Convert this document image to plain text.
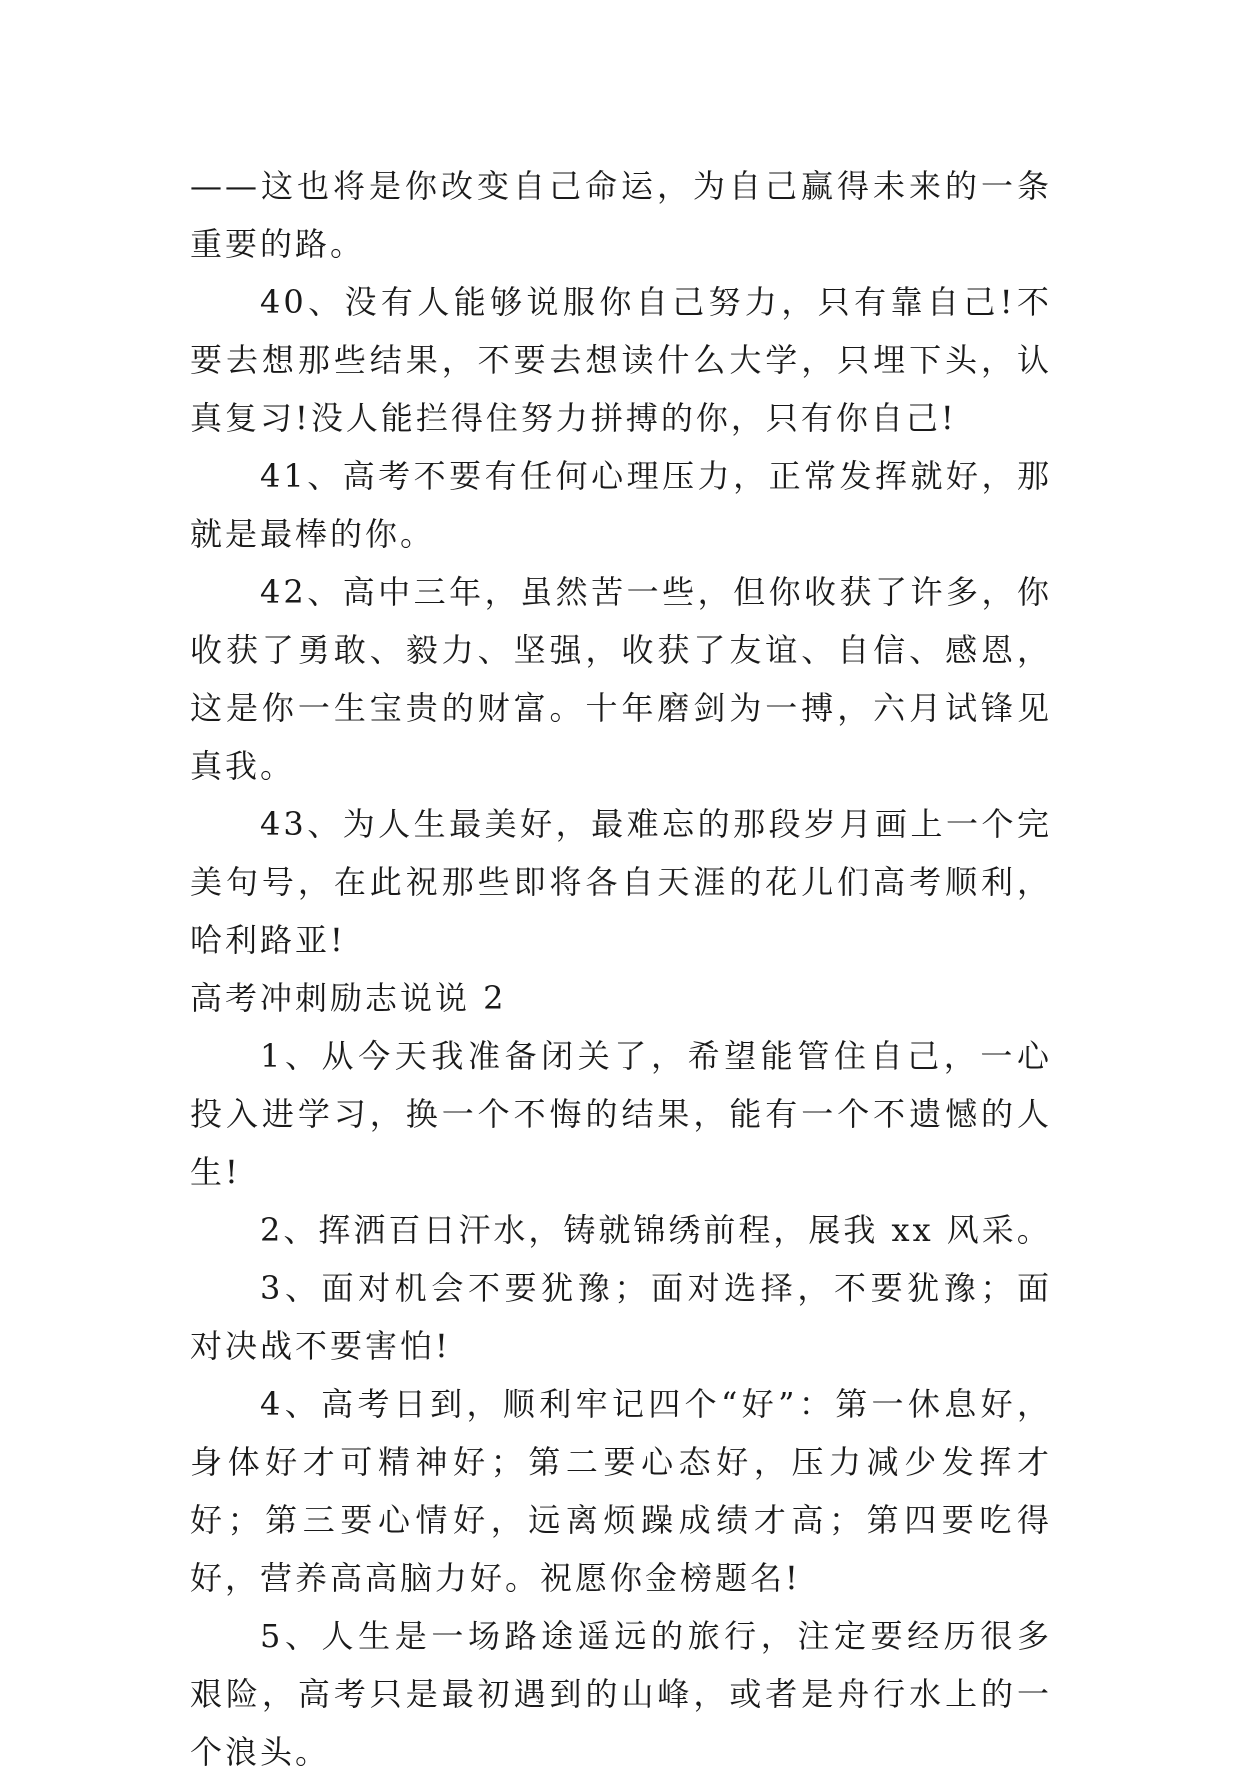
——这也将是你改变自己命运，为自己赢得未来的一条重要的路。

40、没有人能够说服你自己努力，只有靠自己!不要去想那些结果，不要去想读什么大学，只埋下头，认真复习!没人能拦得住努力拼搏的你，只有你自己!

41、高考不要有任何心理压力，正常发挥就好，那就是最棒的你。

42、高中三年，虽然苦一些，但你收获了许多，你收获了勇敢、毅力、坚强，收获了友谊、自信、感恩，这是你一生宝贵的财富。十年磨剑为一搏，六月试锋见真我。

43、为人生最美好，最难忘的那段岁月画上一个完美句号，在此祝那些即将各自天涯的花儿们高考顺利，哈利路亚!

高考冲刺励志说说 2

1、从今天我准备闭关了，希望能管住自己，一心投入进学习，换一个不悔的结果，能有一个不遗憾的人生!

2、挥洒百日汗水，铸就锦绣前程，展我 xx 风采。

3、面对机会不要犹豫；面对选择，不要犹豫；面对决战不要害怕!

4、高考日到，顺利牢记四个“好”：第一休息好，身体好才可精神好；第二要心态好，压力减少发挥才好；第三要心情好，远离烦躁成绩才高；第四要吃得好，营养高高脑力好。祝愿你金榜题名!

5、人生是一场路途遥远的旅行，注定要经历很多艰险，高考只是最初遇到的山峰，或者是舟行水上的一个浪头。
